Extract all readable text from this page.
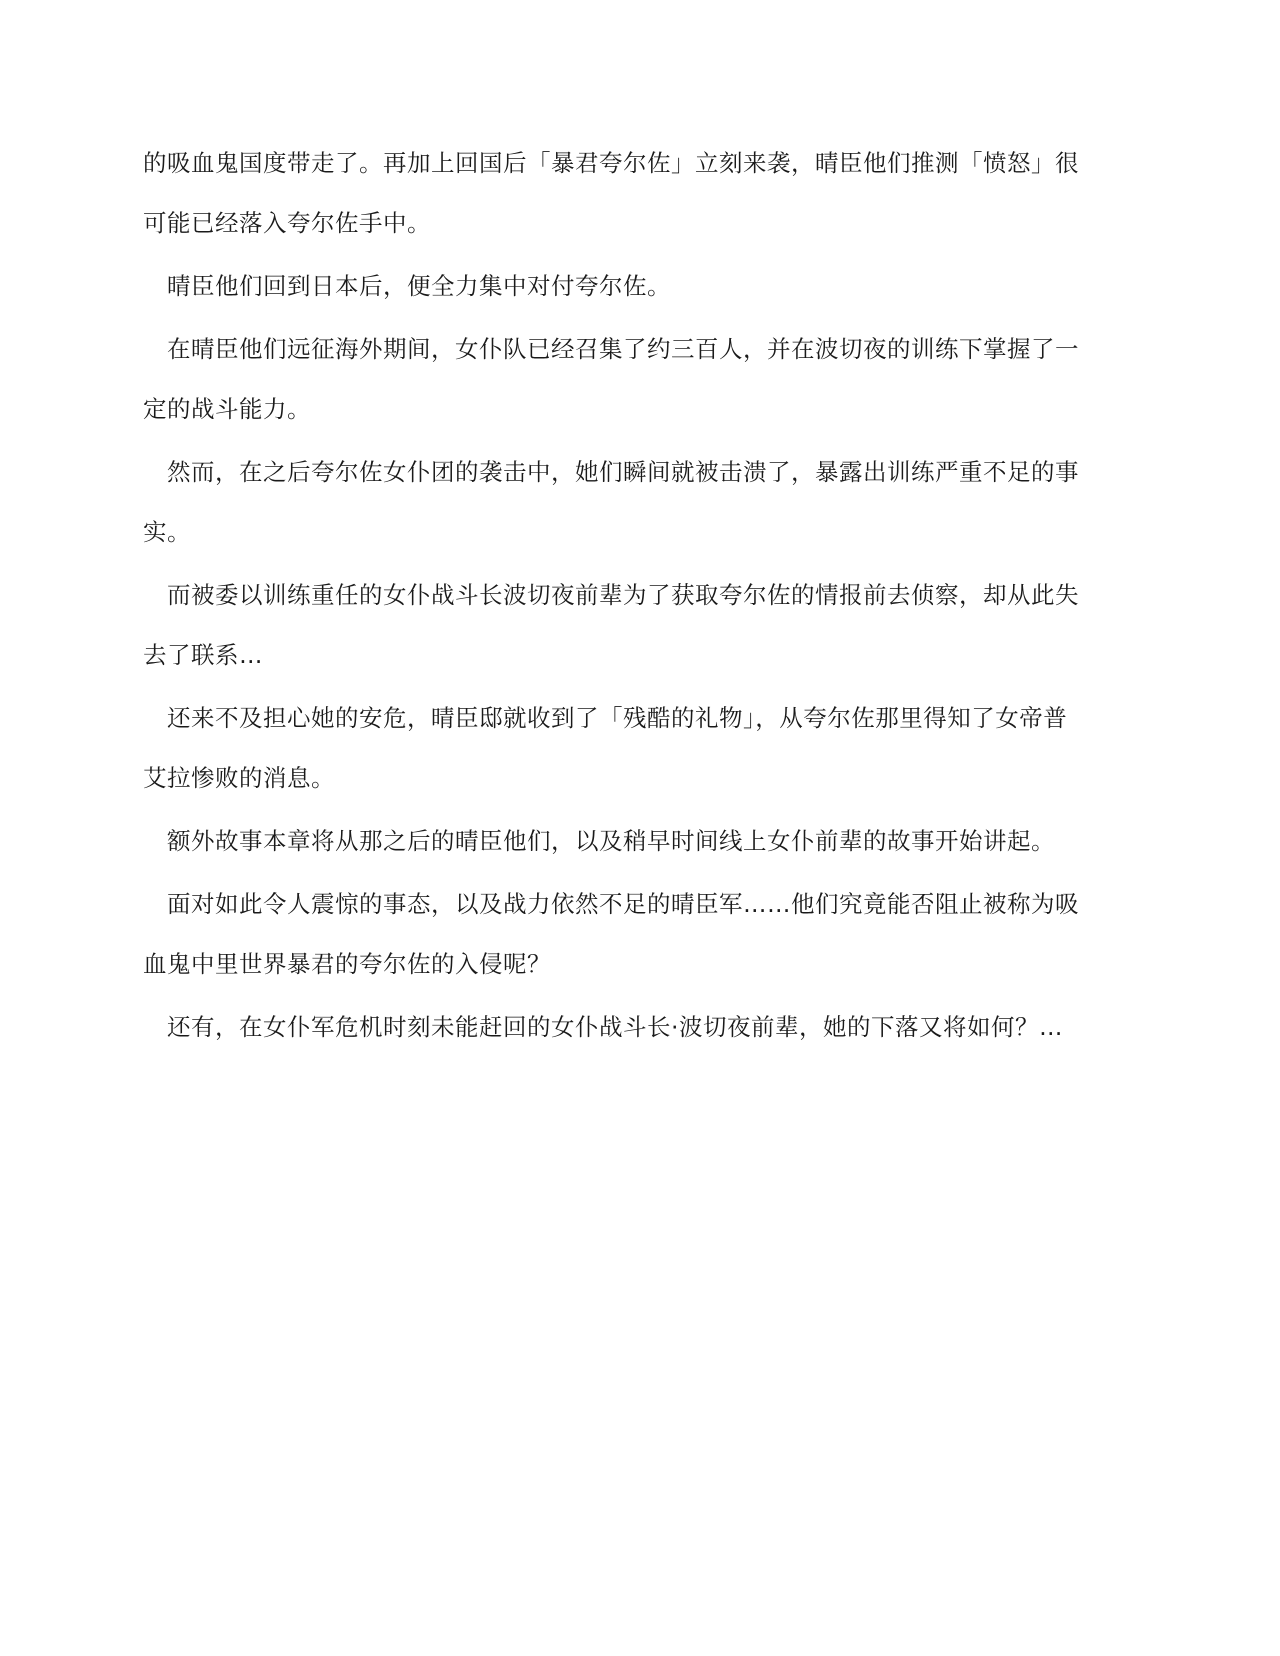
的吸血鬼国度带走了。再加上回国后「暴君夸尔佐」立刻来袭，晴臣他们推测「愤怒」很
可能已经落入夸尔佐手中。

晴臣他们回到日本后，便全力集中对付夸尔佐。

在晴臣他们远征海外期间，女仆队已经召集了约三百人，并在波切夜的训练下掌握了一
定的战斗能力。

然而，在之后夸尔佐女仆团的袭击中，她们瞬间就被击溃了，暴露出训练严重不足的事
实。

而被委以训练重任的女仆战斗长波切夜前辈为了获取夸尔佐的情报前去侦察，却从此失
去了联系…

还来不及担心她的安危，晴臣邸就收到了「残酷的礼物」，从夸尔佐那里得知了女帝普
艾拉惨败的消息。

额外故事本章将从那之后的晴臣他们，以及稍早时间线上女仆前辈的故事开始讲起。

面对如此令人震惊的事态，以及战力依然不足的晴臣军……他们究竟能否阻止被称为吸
血鬼中里世界暴君的夸尔佐的入侵呢？

还有，在女仆军危机时刻未能赶回的女仆战斗长·波切夜前辈，她的下落又将如何？…
